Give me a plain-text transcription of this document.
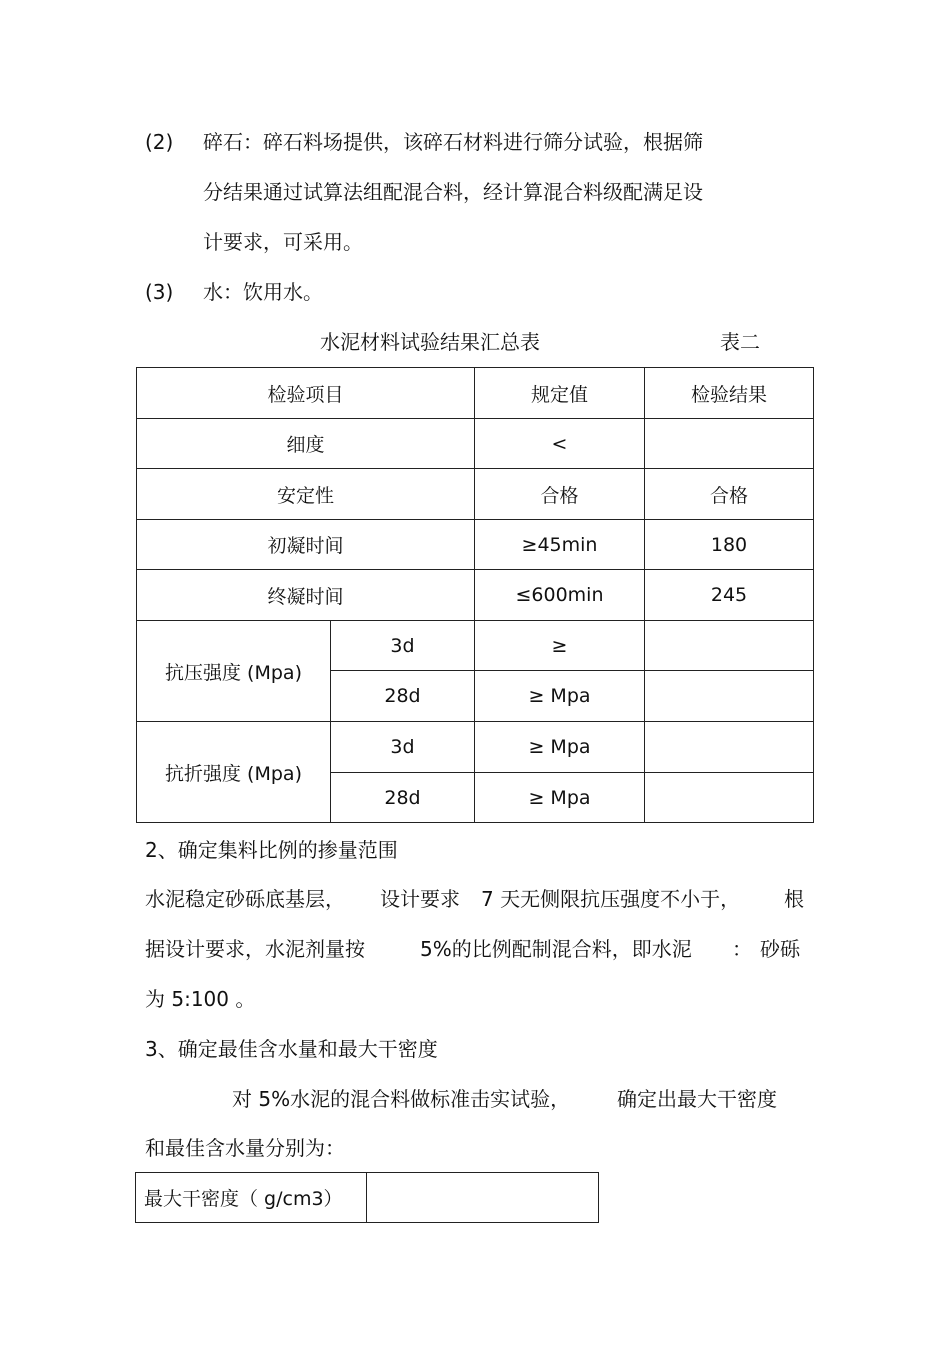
(2) 碎石：碎石料场提供，该碎石材料进行筛分试验，根据筛
分结果通过试算法组配混合料，经计算混合料级配满足设
计要求，可采用。
(3) 水：饮用水。
水泥材料试验结果汇总表	表二
检验项目		规定值	检验结果
细度		<	
安定性		合格	合格
初凝时间		≥45min	180
终凝时间		≤600min	245
抗压强度 (Mpa)	3d	≥	
	28d	≥ Mpa	
抗折强度 (Mpa)	3d	≥ Mpa	
	28d	≥ Mpa	
2、确定集料比例的掺量范围
水泥稳定砂砾底基层， 设计要求 7 天无侧限抗压强度不小于， 根
据设计要求，水泥剂量按	5%的比例配制混合料，即水泥 ： 砂砾
为 5:100 。
3、确定最佳含水量和最大干密度
对 5%水泥的混合料做标准击实试验， 确定出最大干密度
和最佳含水量分别为：
最大干密度（ g/cm3）	
